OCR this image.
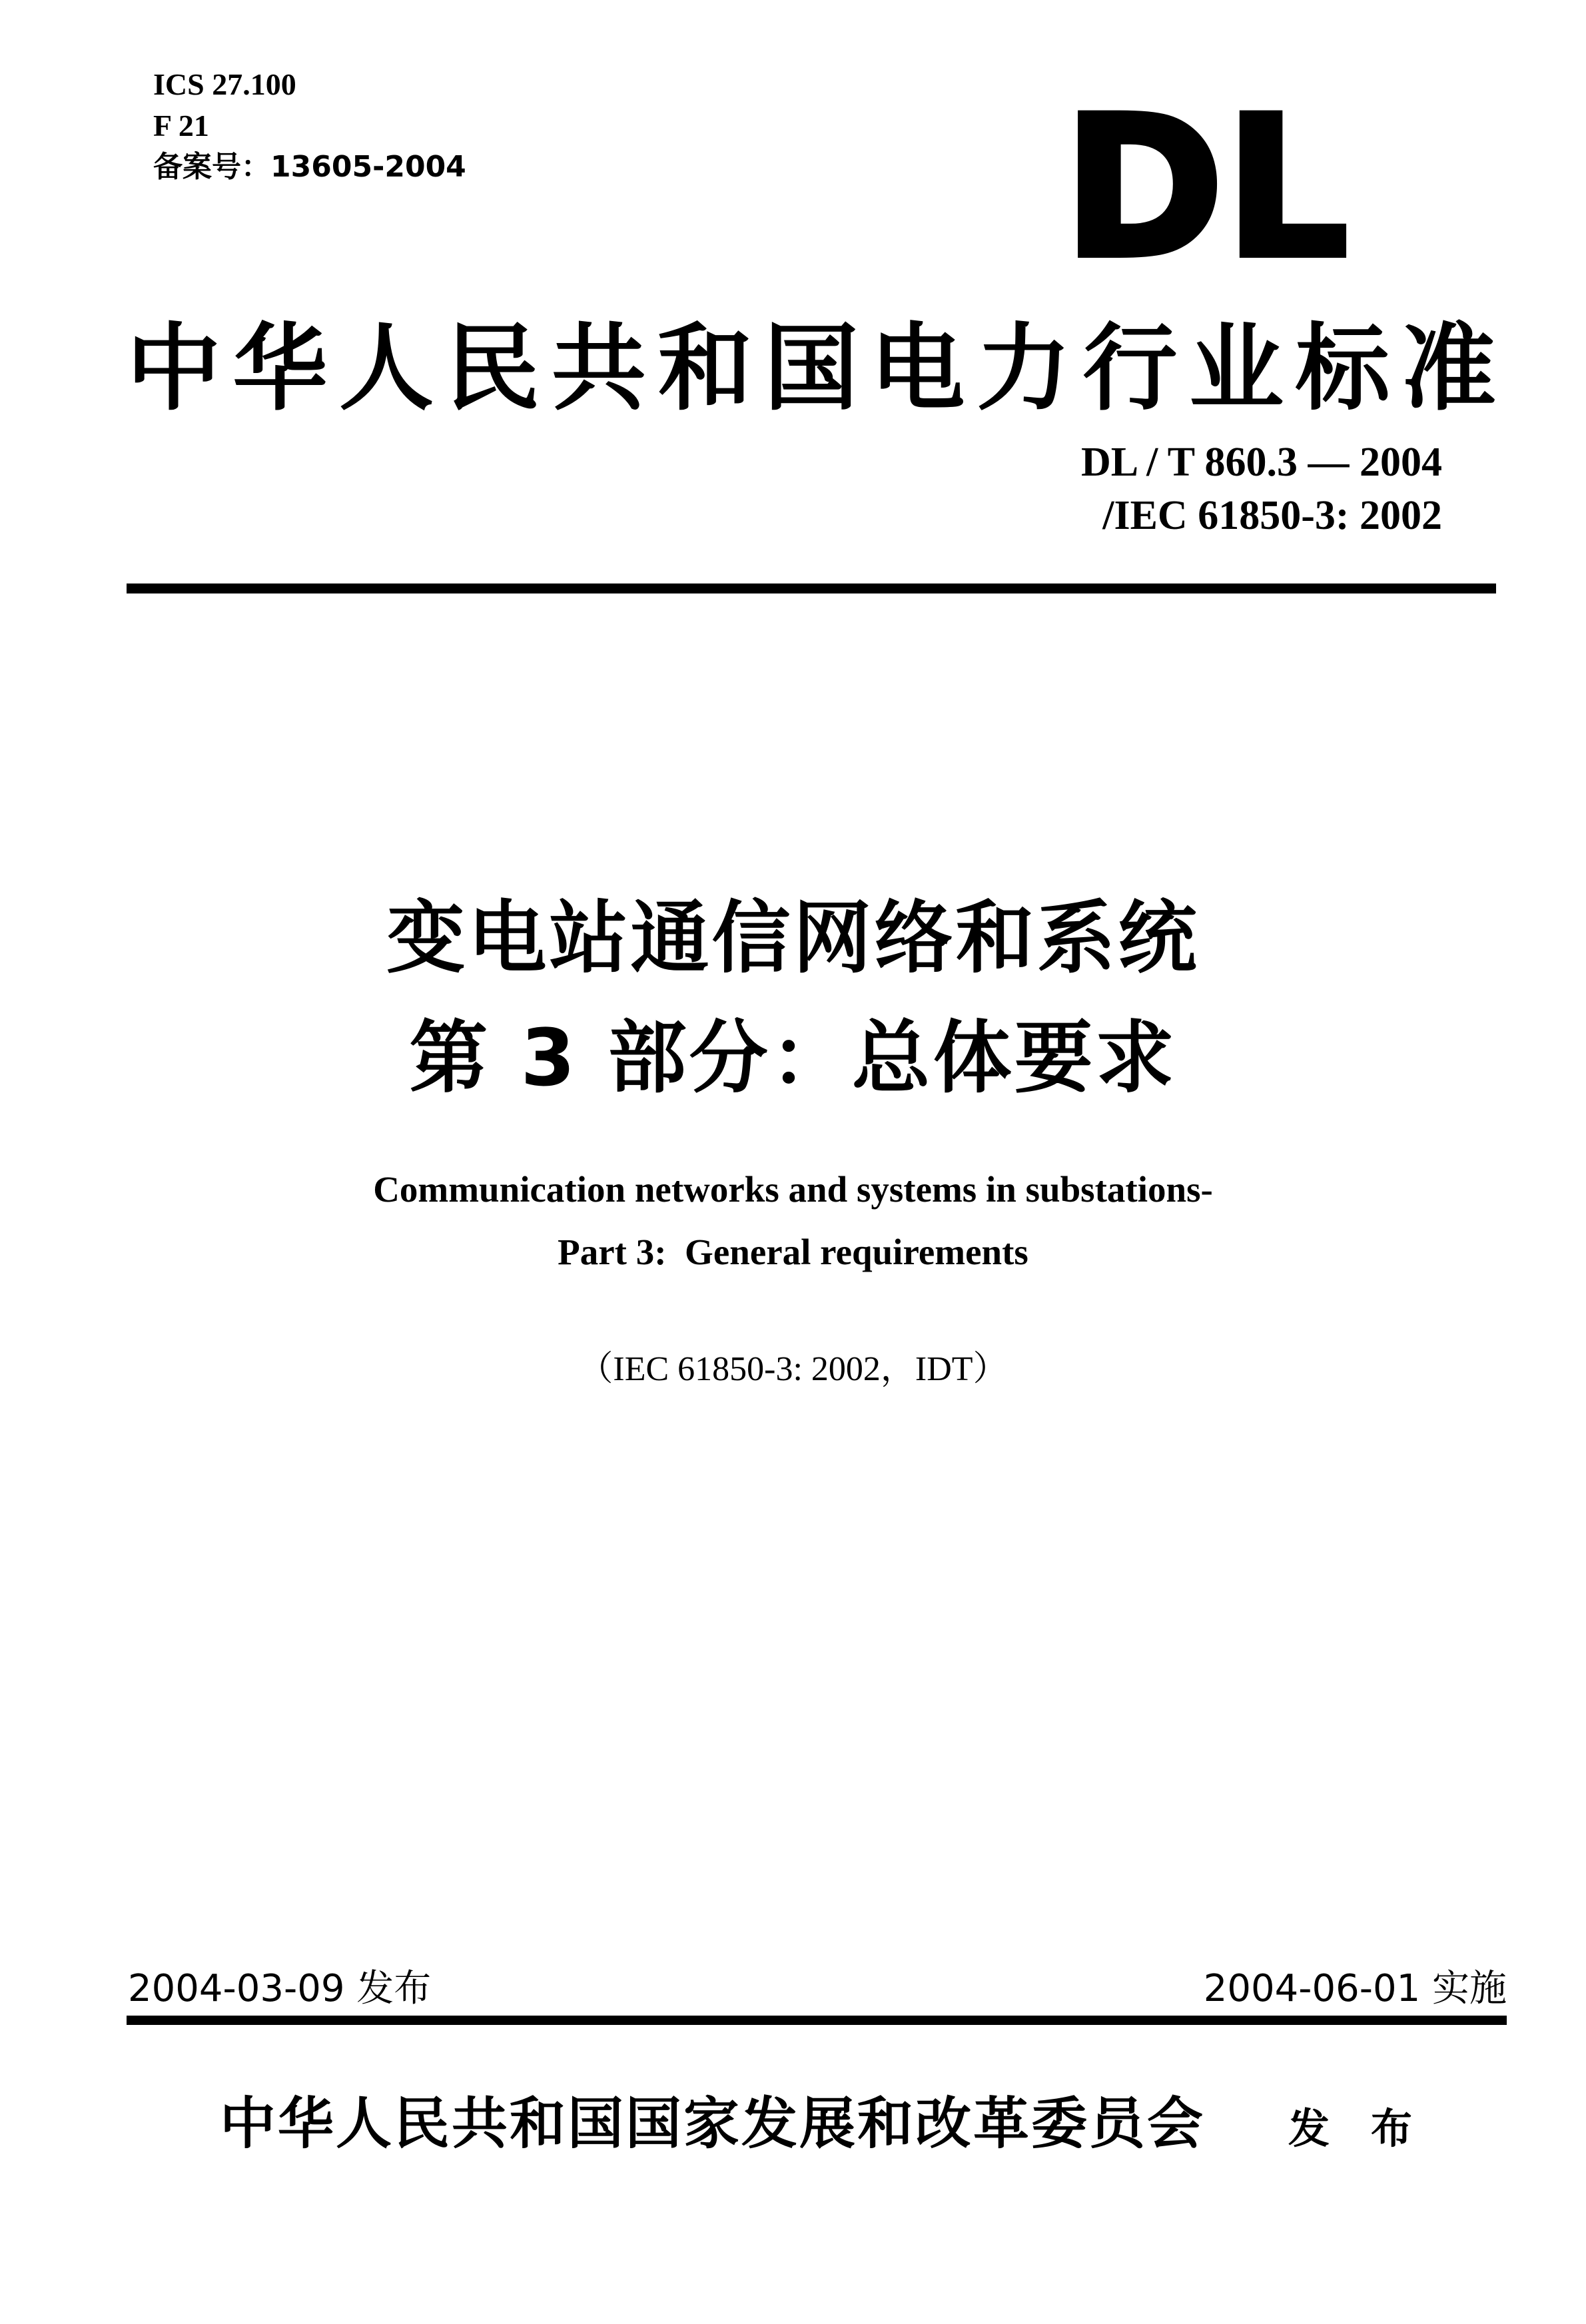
ICS 27.100
F 21
备案号：13605-2004	DL
中华人民共和国电力行业标准
DL / T 860.3 — 2004
/IEC 61850-3: 2002
变电站通信网络和系统
第 3 部分：总体要求
Communication networks and systems in substations-
Part 3:  General requirements
（IEC 61850-3: 2002，IDT）
2004-03-09 发布	2004-06-01 实施
中华人民共和国国家发展和改革委员会 发　布
